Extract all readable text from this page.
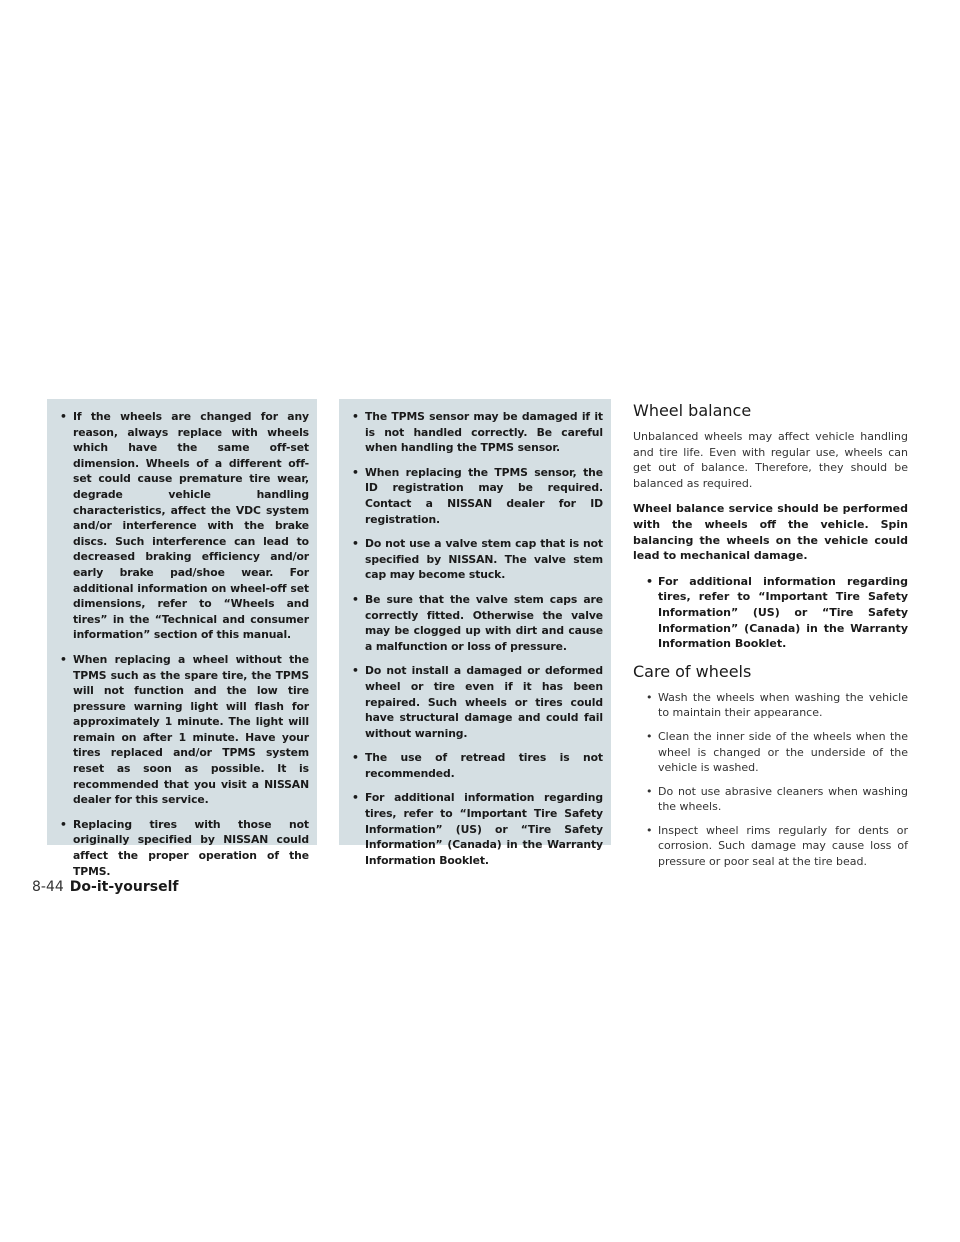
• If the wheels are changed for any reason, always replace with wheels which have the same off-set dimension. Wheels of a different off-set could cause premature tire wear, degrade vehicle handling characteristics, affect the VDC system and/or interference with the brake discs. Such interference can lead to decreased braking efficiency and/or early brake pad/shoe wear. For additional information on wheel-off set dimensions, refer to “Wheels and tires” in the “Technical and consumer information” section of this manual.
• When replacing a wheel without the TPMS such as the spare tire, the TPMS will not function and the low tire pressure warning light will flash for approximately 1 minute. The light will remain on after 1 minute. Have your tires replaced and/or TPMS system reset as soon as possible. It is recommended that you visit a NISSAN dealer for this service.
• Replacing tires with those not originally specified by NISSAN could affect the proper operation of the TPMS.
• The TPMS sensor may be damaged if it is not handled correctly. Be careful when handling the TPMS sensor.
• When replacing the TPMS sensor, the ID registration may be required. Contact a NISSAN dealer for ID registration.
• Do not use a valve stem cap that is not specified by NISSAN. The valve stem cap may become stuck.
• Be sure that the valve stem caps are correctly fitted. Otherwise the valve may be clogged up with dirt and cause a malfunction or loss of pressure.
• Do not install a damaged or deformed wheel or tire even if it has been repaired. Such wheels or tires could have structural damage and could fail without warning.
• The use of retread tires is not recommended.
• For additional information regarding tires, refer to “Important Tire Safety Information” (US) or “Tire Safety Information” (Canada) in the Warranty Information Booklet.
Wheel balance

Unbalanced wheels may affect vehicle handling and tire life. Even with regular use, wheels can get out of balance. Therefore, they should be balanced as required.

Wheel balance service should be performed with the wheels off the vehicle. Spin balancing the wheels on the vehicle could lead to mechanical damage.

• For additional information regarding tires, refer to “Important Tire Safety Information” (US) or “Tire Safety Information” (Canada) in the Warranty Information Booklet.
Care of wheels
• Wash the wheels when washing the vehicle to maintain their appearance.
• Clean the inner side of the wheels when the wheel is changed or the underside of the vehicle is washed.
• Do not use abrasive cleaners when washing the wheels.
• Inspect wheel rims regularly for dents or corrosion. Such damage may cause loss of pressure or poor seal at the tire bead.
8-44 Do-it-yourself
